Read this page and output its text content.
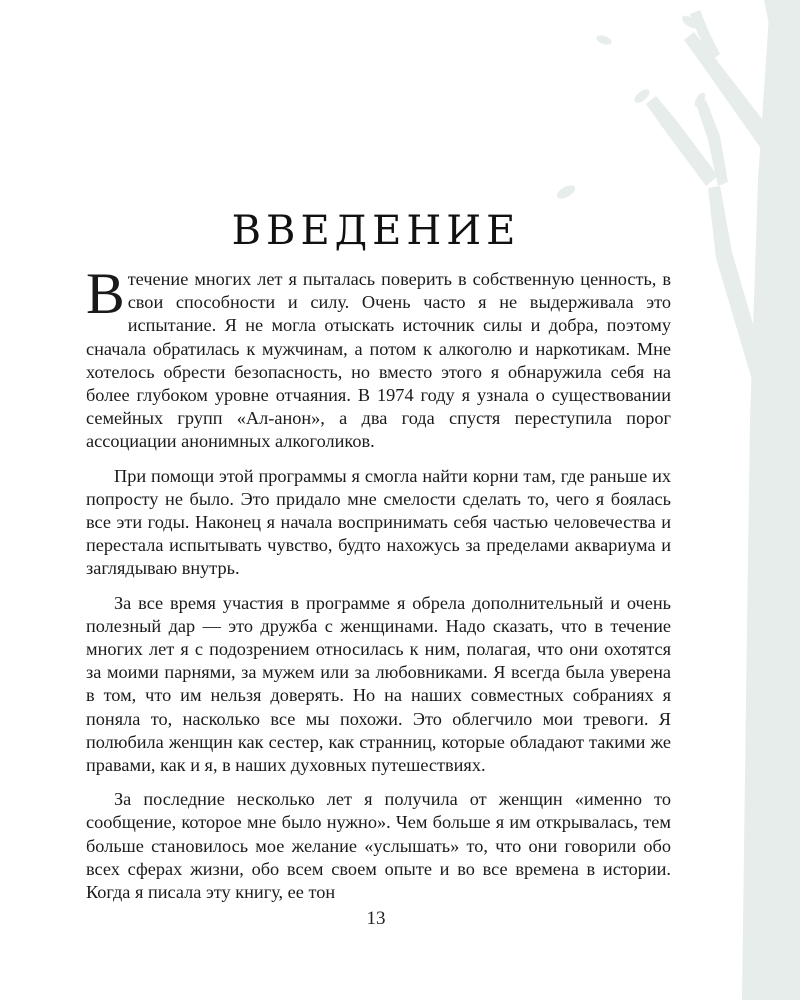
ВВЕДЕНИЕ

Втечение многих лет я пыталась поверить в собственную ценность, в свои способности и силу. Очень часто я не выдерживала это испытание. Я не могла отыскать источник силы и добра, поэтому сначала обратилась к мужчинам, а потом к алкоголю и наркотикам. Мне хотелось обрести безопасность, но вместо этого я обнаружила себя на более глубоком уровне отчаяния. В 1974 году я узнала о существовании семейных групп «Ал-анон», а два года спустя переступила порог ассоциации анонимных алкоголиков.

При помощи этой программы я смогла найти корни там, где раньше их попросту не было. Это придало мне смелости сделать то, чего я боялась все эти годы. Наконец я начала воспринимать себя частью человечества и перестала испытывать чувство, будто нахожусь за пределами аквариума и заглядываю внутрь.

За все время участия в программе я обрела дополнительный и очень полезный дар — это дружба с женщинами. Надо сказать, что в течение многих лет я с подозрением относилась к ним, полагая, что они охотятся за моими парнями, за мужем или за любовниками. Я всегда была уверена в том, что им нельзя доверять. Но на наших совместных собраниях я поняла то, насколько все мы похожи. Это облегчило мои тревоги. Я полюбила женщин как сестер, как странниц, которые обладают такими же правами, как и я, в наших духовных путешествиях.

За последние несколько лет я получила от женщин «именно то сообщение, которое мне было нужно». Чем больше я им открывалась, тем больше становилось мое желание «услышать» то, что они говорили обо всех сферах жизни, обо всем своем опыте и во все времена в истории. Когда я писала эту книгу, ее тон

13
